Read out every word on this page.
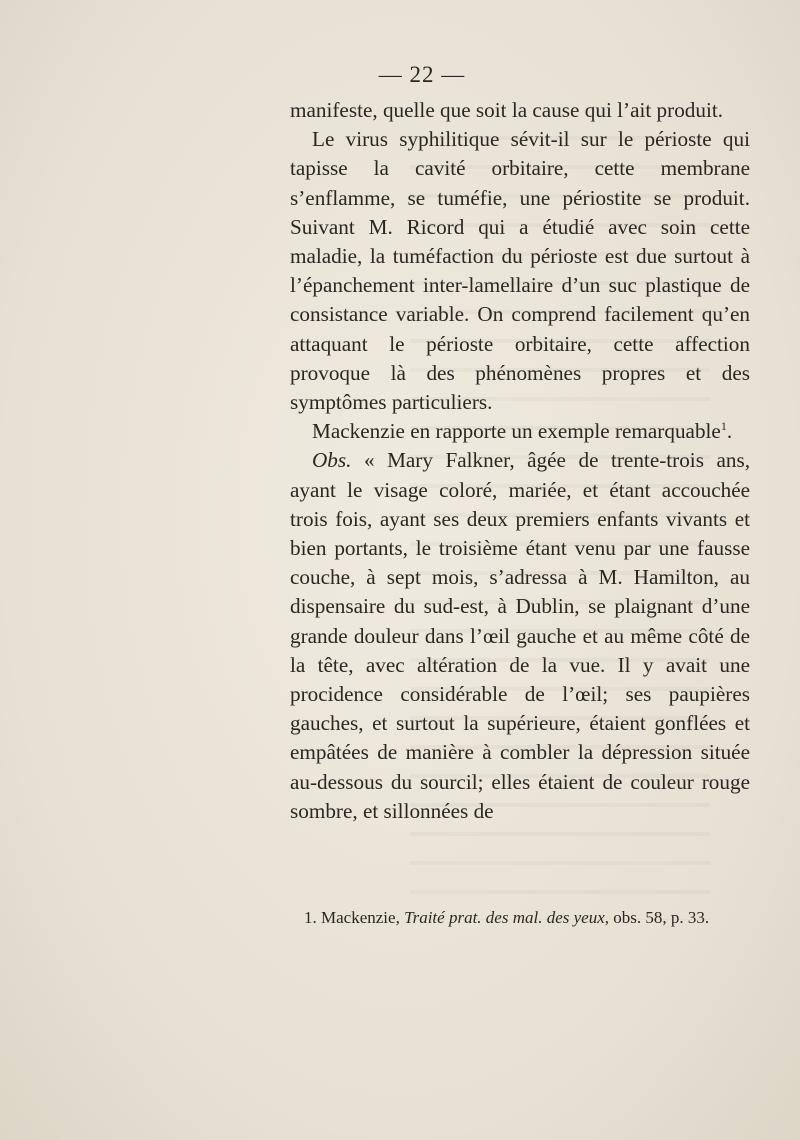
— 22 —

manifeste, quelle que soit la cause qui l’ait produit.

Le virus syphilitique sévit-il sur le périoste qui tapisse la cavité orbitaire, cette membrane s’enflamme, se tuméfie, une périostite se produit. Suivant M. Ricord qui a étudié avec soin cette maladie, la tuméfaction du périoste est due surtout à l’épanchement inter-lamellaire d’un suc plastique de consistance variable. On comprend facilement qu’en attaquant le périoste orbitaire, cette affection provoque là des phénomènes propres et des symptômes particuliers.

Mackenzie en rapporte un exemple remarquable$^1$.

Obs. « Mary Falkner, âgée de trente-trois ans, ayant le visage coloré, mariée, et étant accouchée trois fois, ayant ses deux premiers enfants vivants et bien portants, le troisième étant venu par une fausse couche, à sept mois, s’adressa à M. Hamilton, au dispensaire du sud-est, à Dublin, se plaignant d’une grande douleur dans l’œil gauche et au même côté de la tête, avec altération de la vue. Il y avait une procidence considérable de l’œil; ses paupières gauches, et surtout la supérieure, étaient gonflées et empâtées de manière à combler la dépression située au-dessous du sourcil; elles étaient de couleur rouge sombre, et sillonnées de

1. Mackenzie, Traité prat. des mal. des yeux, obs. 58, p. 33.
